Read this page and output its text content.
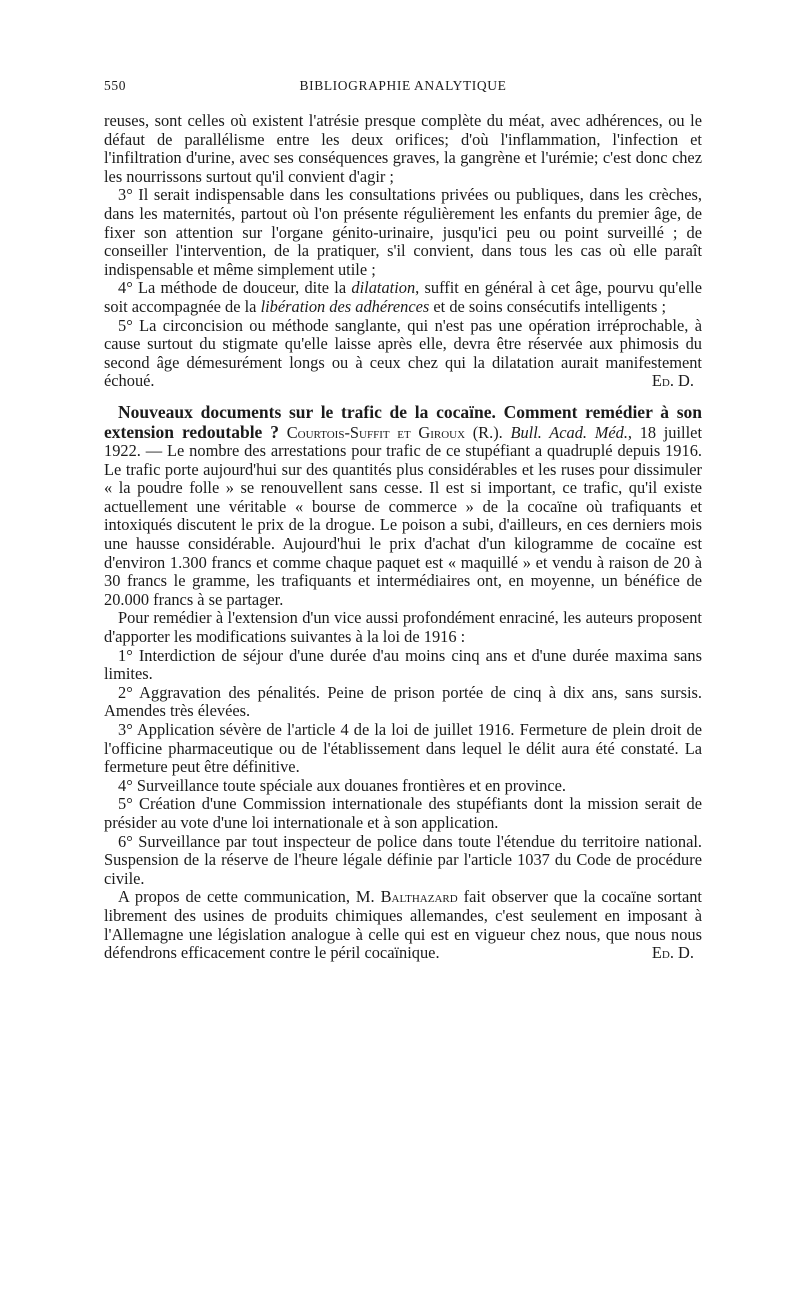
550	BIBLIOGRAPHIE ANALYTIQUE

reuses, sont celles où existent l'atrésie presque complète du méat, avec adhérences, ou le défaut de parallélisme entre les deux orifices; d'où l'inflammation, l'infection et l'infiltration d'urine, avec ses conséquences graves, la gangrène et l'urémie; c'est donc chez les nourrissons surtout qu'il convient d'agir ;

3° Il serait indispensable dans les consultations privées ou publiques, dans les crèches, dans les maternités, partout où l'on présente régulièrement les enfants du premier âge, de fixer son attention sur l'organe génito-urinaire, jusqu'ici peu ou point surveillé ; de conseiller l'intervention, de la pratiquer, s'il convient, dans tous les cas où elle paraît indispensable et même simplement utile ;

4° La méthode de douceur, dite la dilatation, suffit en général à cet âge, pourvu qu'elle soit accompagnée de la libération des adhérences et de soins consécutifs intelligents ;

5° La circoncision ou méthode sanglante, qui n'est pas une opération irréprochable, à cause surtout du stigmate qu'elle laisse après elle, devra être réservée aux phimosis du second âge démesurément longs ou à ceux chez qui la dilatation aurait manifestement échoué.	Ed. D.

Nouveaux documents sur le trafic de la cocaïne. Comment remédier à son extension redoutable ? Courtois-Suffit et Giroux (R.). Bull. Acad. Méd., 18 juillet 1922. — Le nombre des arrestations pour trafic de ce stupéfiant a quadruplé depuis 1916. Le trafic porte aujourd'hui sur des quantités plus considérables et les ruses pour dissimuler « la poudre folle » se renouvellent sans cesse. Il est si important, ce trafic, qu'il existe actuellement une véritable « bourse de commerce » de la cocaïne où trafiquants et intoxiqués discutent le prix de la drogue. Le poison a subi, d'ailleurs, en ces derniers mois une hausse considérable. Aujourd'hui le prix d'achat d'un kilogramme de cocaïne est d'environ 1.300 francs et comme chaque paquet est « maquillé » et vendu à raison de 20 à 30 francs le gramme, les trafiquants et intermédiaires ont, en moyenne, un bénéfice de 20.000 francs à se partager.

Pour remédier à l'extension d'un vice aussi profondément enraciné, les auteurs proposent d'apporter les modifications suivantes à la loi de 1916 :

1° Interdiction de séjour d'une durée d'au moins cinq ans et d'une durée maxima sans limites.

2° Aggravation des pénalités. Peine de prison portée de cinq à dix ans, sans sursis. Amendes très élevées.

3° Application sévère de l'article 4 de la loi de juillet 1916. Fermeture de plein droit de l'officine pharmaceutique ou de l'établissement dans lequel le délit aura été constaté. La fermeture peut être définitive.

4° Surveillance toute spéciale aux douanes frontières et en province.

5° Création d'une Commission internationale des stupéfiants dont la mission serait de présider au vote d'une loi internationale et à son application.

6° Surveillance par tout inspecteur de police dans toute l'étendue du territoire national. Suspension de la réserve de l'heure légale définie par l'article 1037 du Code de procédure civile.

A propos de cette communication, M. Balthazard fait observer que la cocaïne sortant librement des usines de produits chimiques allemandes, c'est seulement en imposant à l'Allemagne une législation analogue à celle qui est en vigueur chez nous, que nous nous défendrons efficacement contre le péril cocaïnique.	Ed. D.
